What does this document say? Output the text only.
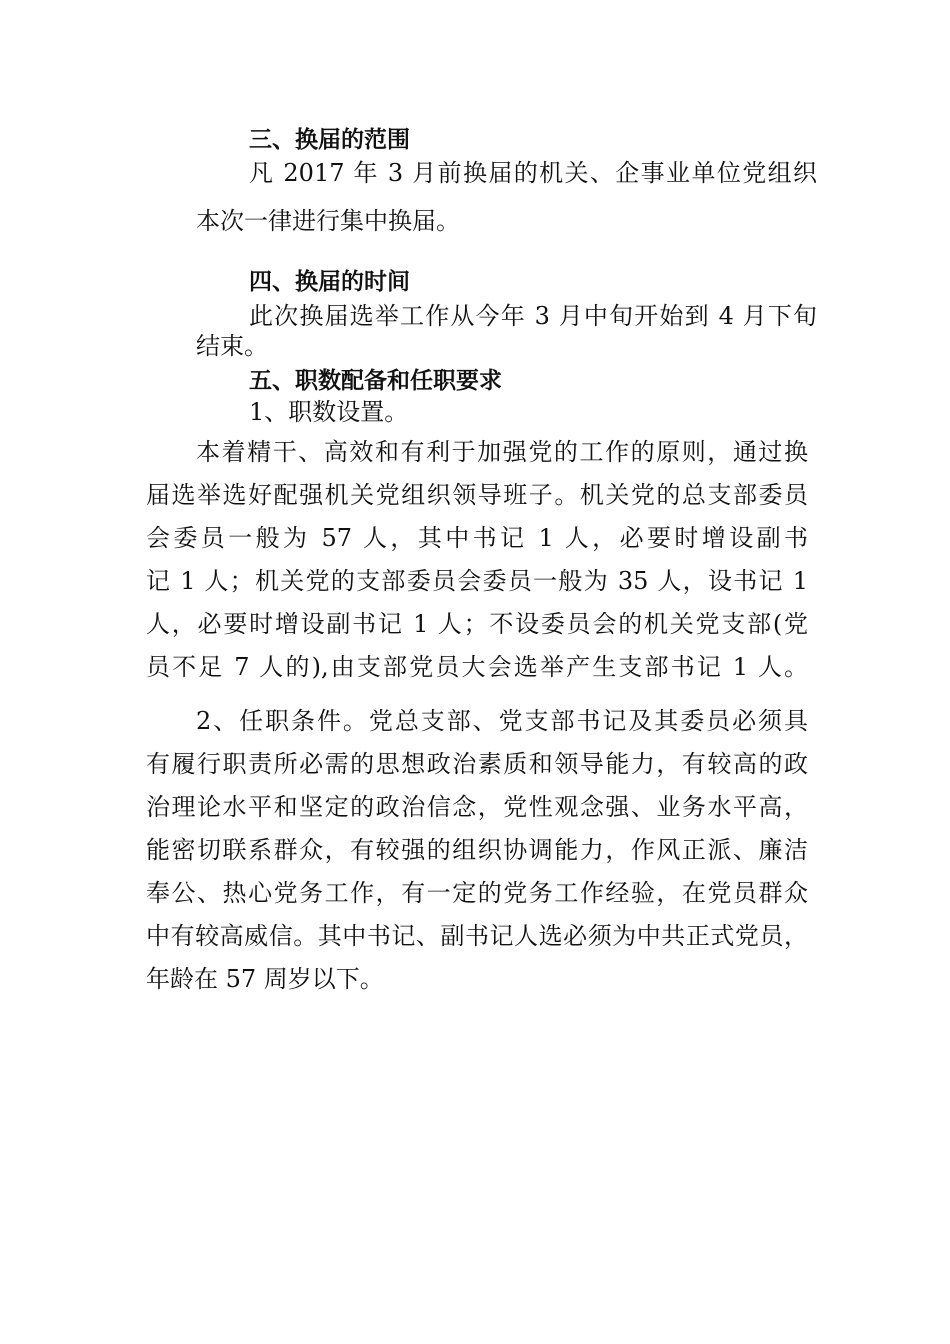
三、换届的范围
凡 2017 年 3 月前换届的机关、企事业单位党组织
本次一律进行集中换届。
四、换届的时间
此次换届选举工作从今年 3 月中旬开始到 4 月下旬
结束。
五、职数配备和任职要求
1、职数设置。
本着精干、高效和有利于加强党的工作的原则，通过换
届选举选好配强机关党组织领导班子。机关党的总支部委员
会委员一般为 57 人，其中书记 1 人，必要时增设副书
记 1 人；机关党的支部委员会委员一般为 35 人，设书记 1
人，必要时增设副书记 1 人；不设委员会的机关党支部(党
员不足 7 人的),由支部党员大会选举产生支部书记 1 人。
2、任职条件。党总支部、党支部书记及其委员必须具
有履行职责所必需的思想政治素质和领导能力，有较高的政
治理论水平和坚定的政治信念，党性观念强、业务水平高，
能密切联系群众，有较强的组织协调能力，作风正派、廉洁
奉公、热心党务工作，有一定的党务工作经验，在党员群众
中有较高威信。其中书记、副书记人选必须为中共正式党员，
年龄在 57 周岁以下。
